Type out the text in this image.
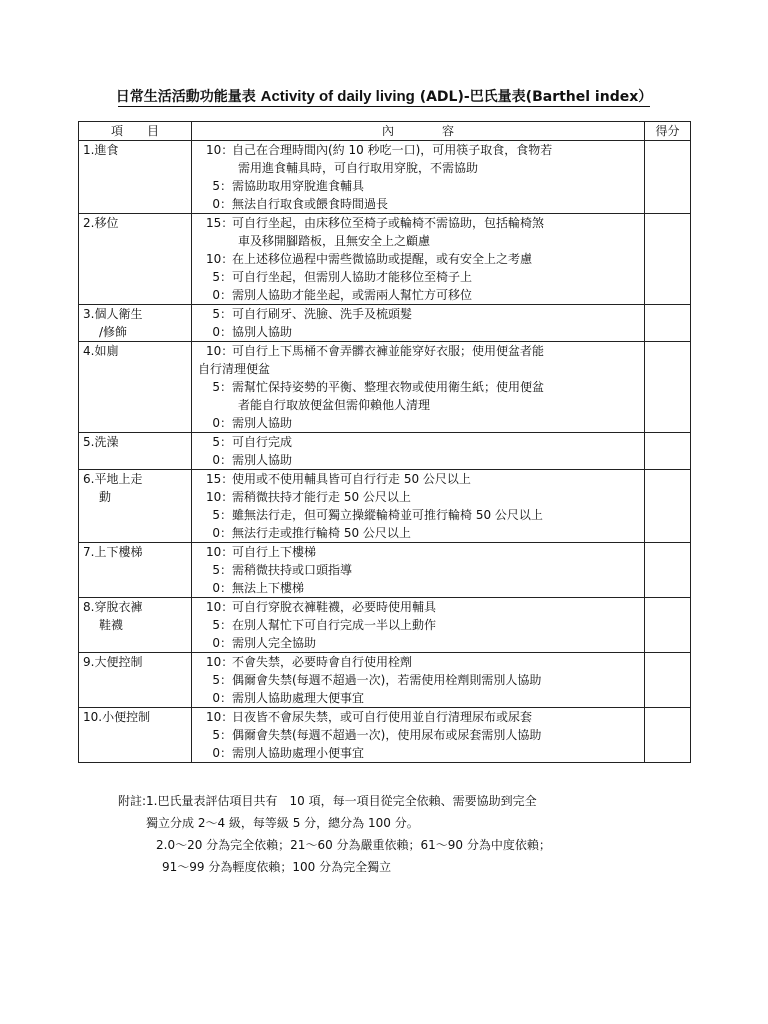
日常生活活動功能量表 Activity of daily living (ADL)-巴氏量表(Barthel index）
項　　目	內　　　　容	得分

1.進食	10：自己在合理時間內(約 10 秒吃一口)，可用筷子取食，食物若
需用進食輔具時，可自行取用穿脫，不需協助
5：需協助取用穿脫進食輔具
0：無法自行取食或餵食時間過長	

2.移位	15：可自行坐起，由床移位至椅子或輪椅不需協助，包括輪椅煞
車及移開腳踏板，且無安全上之顧慮
10：在上述移位過程中需些微協助或提醒，或有安全上之考慮
5：可自行坐起，但需別人協助才能移位至椅子上
0：需別人協助才能坐起，或需兩人幫忙方可移位	

3.個人衛生
/修飾	5：可自行刷牙、洗臉、洗手及梳頭髮
0：協別人協助	

4.如廁	10：可自行上下馬桶不會弄髒衣褲並能穿好衣服；使用便盆者能
自行清理便盆
5：需幫忙保持姿勢的平衡、整理衣物或使用衛生紙；使用便盆
者能自行取放便盆但需仰賴他人清理
0：需別人協助	

5.洗澡	5：可自行完成
0：需別人協助	

6.平地上走
動	15：使用或不使用輔具皆可自行行走 50 公尺以上
10：需稍微扶持才能行走 50 公尺以上
5：雖無法行走，但可獨立操縱輪椅並可推行輪椅 50 公尺以上
0：無法行走或推行輪椅 50 公尺以上	

7.上下樓梯	10：可自行上下樓梯
5：需稍微扶持或口頭指導
0：無法上下樓梯	

8.穿脫衣褲
鞋襪	10：可自行穿脫衣褲鞋襪，必要時使用輔具
5：在別人幫忙下可自行完成一半以上動作
0：需別人完全協助	

9.大便控制	10：不會失禁，必要時會自行使用栓劑
5：偶爾會失禁(每週不超過一次)，若需使用栓劑則需別人協助
0：需別人協助處理大便事宜	

10.小便控制	10：日夜皆不會尿失禁，或可自行使用並自行清理尿布或尿套
5：偶爾會失禁(每週不超過一次)，使用尿布或尿套需別人協助
0：需別人協助處理小便事宜	

附註:1.巴氏量表評估項目共有　10 項，每一項目從完全依賴、需要協助到完全
獨立分成 2～4 級，每等級 5 分，總分為 100 分。
2.0～20 分為完全依賴；21～60 分為嚴重依賴；61～90 分為中度依賴；
91～99 分為輕度依賴；100 分為完全獨立
